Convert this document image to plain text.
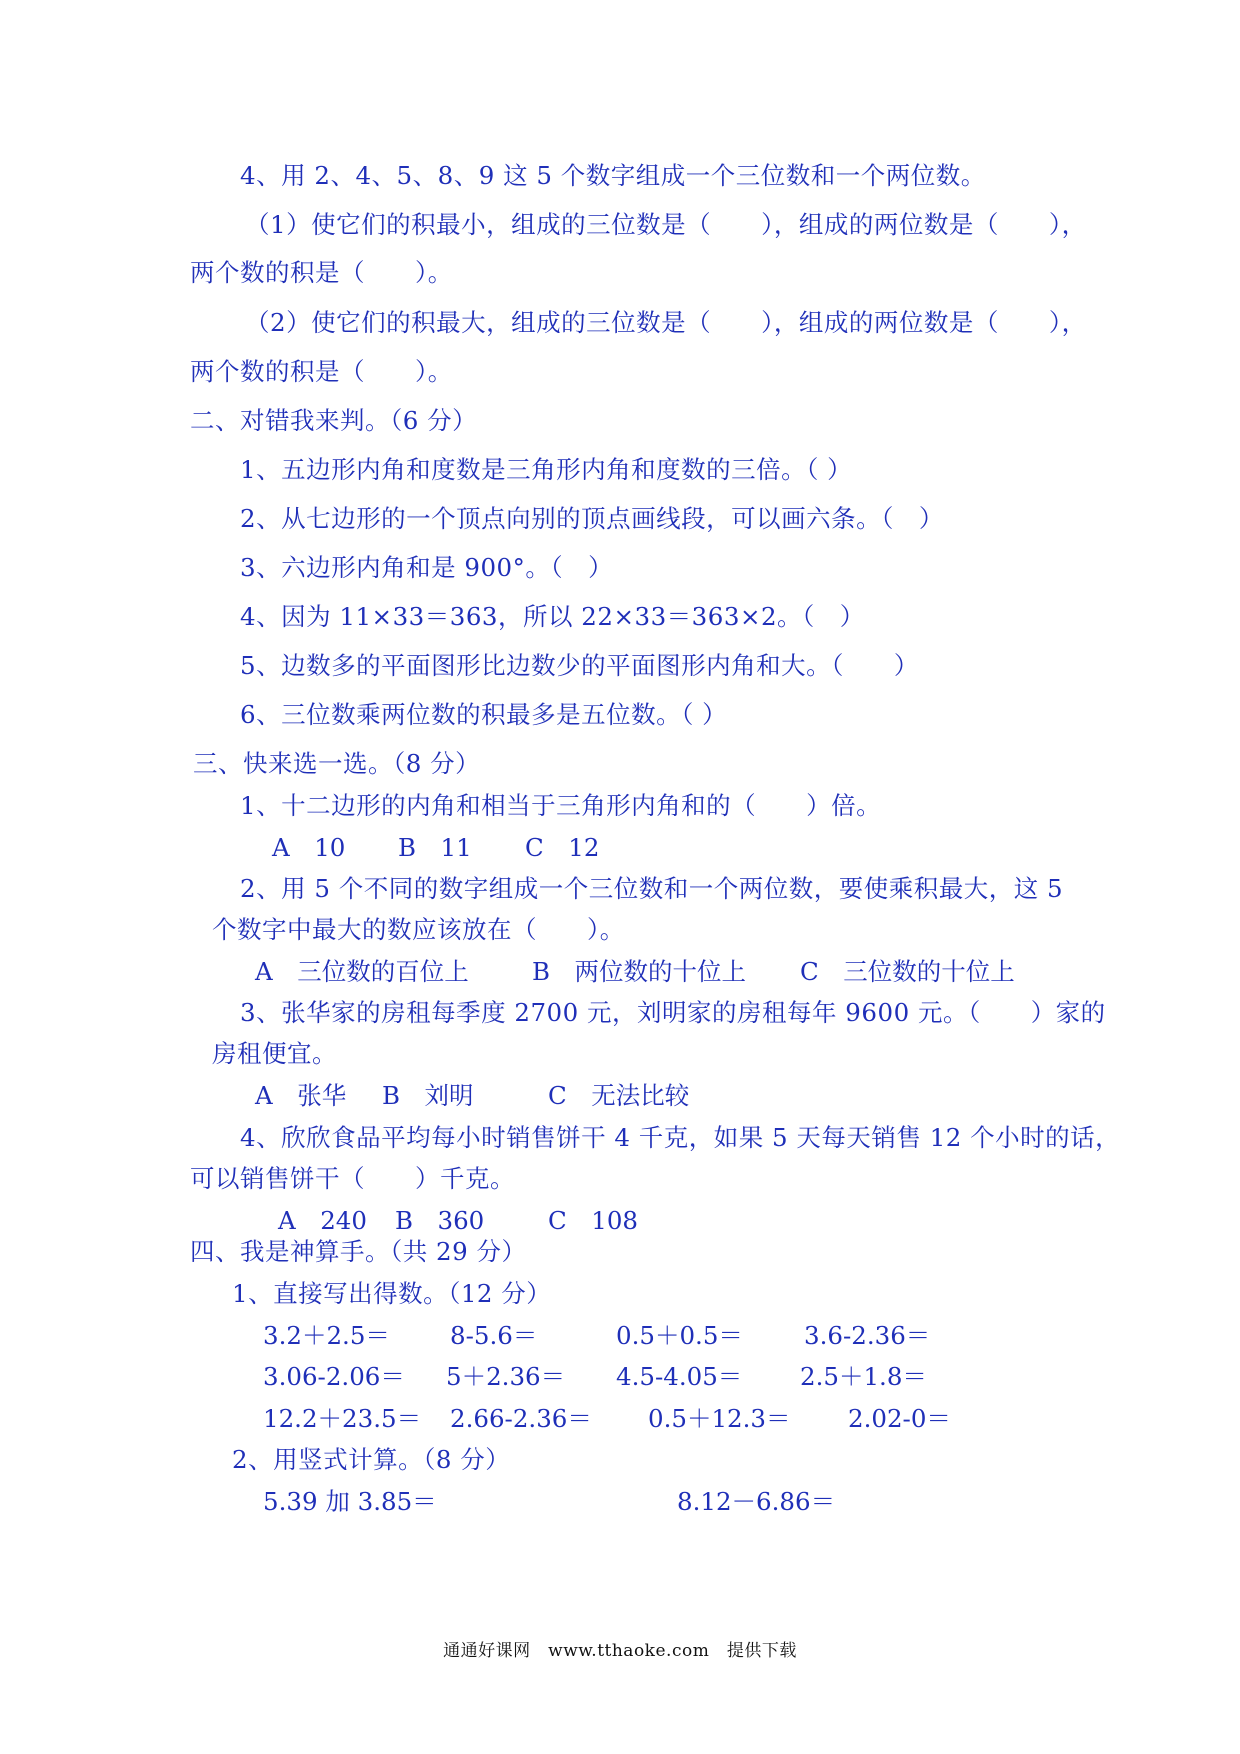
4、用 2、4、5、8、9 这 5 个数字组成一个三位数和一个两位数。
（1）使它们的积最小，组成的三位数是（　　），组成的两位数是（　　），
两个数的积是（　　）。
（2）使它们的积最大，组成的三位数是（　　），组成的两位数是（　　），
两个数的积是（　　）。
二、对错我来判。（6 分）
1、五边形内角和度数是三角形内角和度数的三倍。（ ）
2、从七边形的一个顶点向别的顶点画线段，可以画六条。（　）
3、六边形内角和是 900°。（　）
4、因为 11×33＝363，所以 22×33＝363×2。（　）
5、边数多的平面图形比边数少的平面图形内角和大。（　　）
6、三位数乘两位数的积最多是五位数。（ ）
三、快来选一选。（8 分）
1、十二边形的内角和相当于三角形内角和的（　　）倍。
A　10 B　11 C　12
2、用 5 个不同的数字组成一个三位数和一个两位数，要使乘积最大，这 5
个数字中最大的数应该放在（　　）。
A　三位数的百位上	B　两位数的十位上 C　三位数的十位上
3、张华家的房租每季度 2700 元，刘明家的房租每年 9600 元。（　　）家的
房租便宜。
A　张华 B　刘明	C　无法比较
4、欣欣食品平均每小时销售饼干 4 千克，如果 5 天每天销售 12 个小时的话，
可以销售饼干（　　）千克。
A　240 B　360	C　108
四、我是神算手。（共 29 分）
1、直接写出得数。（12 分）
3.2＋2.5＝ 8-5.6＝	0.5＋0.5＝ 3.6-2.36＝
3.06-2.06＝ 5＋2.36＝ 4.5-4.05＝ 2.5＋1.8＝
12.2＋23.5＝ 2.66-2.36＝ 0.5＋12.3＝ 2.02-0＝
2、用竖式计算。（8 分）
5.39 加 3.85＝	8.12－6.86＝
通通好课网　www.tthaoke.com　提供下载
